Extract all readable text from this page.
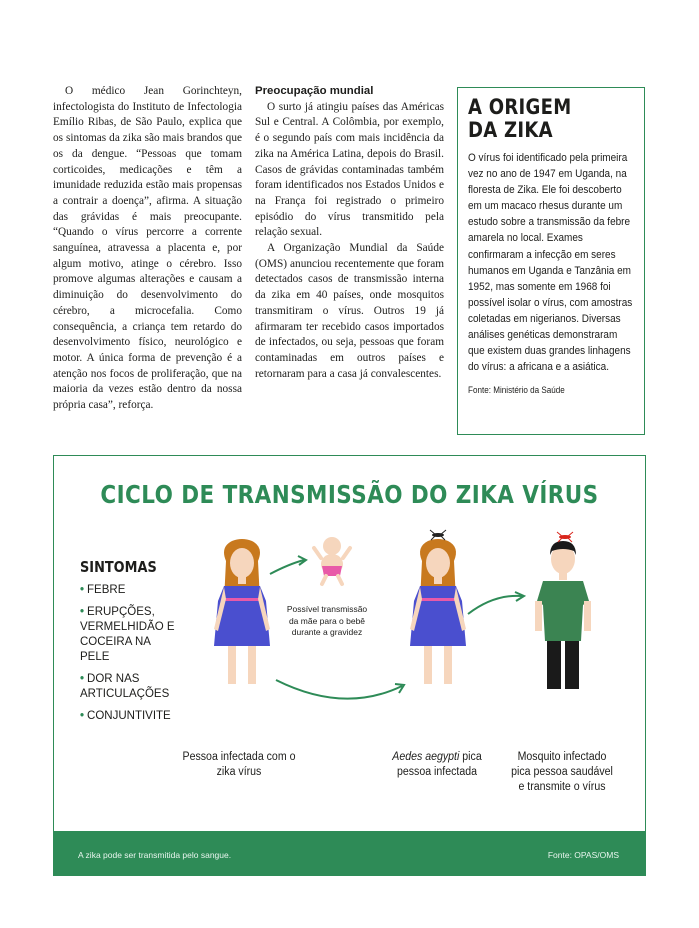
O médico Jean Gorinchteyn, infectologista do Instituto de Infectologia Emílio Ribas, de São Paulo, explica que os sintomas da zika são mais brandos que os da dengue. “Pessoas que tomam corticoides, medicações e têm a imunidade reduzida estão mais propensas a contrair a doença”, afirma. A situação das grávidas é mais preocupante. “Quando o vírus percorre a corrente sanguínea, atravessa a placenta e, por algum motivo, atinge o cérebro. Isso promove algumas alterações e causam a diminuição do desenvolvimento do cérebro, a microcefalia. Como consequência, a criança tem retardo do desenvolvimento físico, neurológico e motor. A única forma de prevenção é a atenção nos focos de proliferação, que na maioria da vezes estão dentro da nossa própria casa”, reforça.

Preocupação mundial

O surto já atingiu países das Américas Sul e Central. A Colômbia, por exemplo, é o segundo país com mais incidência da zika na América Latina, depois do Brasil. Casos de grávidas contaminadas também foram identificados nos Estados Unidos e na França foi registrado o primeiro episódio do vírus transmitido pela relação sexual.

A Organização Mundial da Saúde (OMS) anunciou recentemente que foram detectados casos de transmissão interna da zika em 40 países, onde mosquitos transmitiram o vírus. Outros 19 já afirmaram ter recebido casos importados de infectados, ou seja, pessoas que foram contaminadas em outros países e retornaram para a casa já convalescentes.

A ORIGEM
DA ZIKA

O vírus foi identificado pela primeira vez no ano de 1947 em Uganda, na floresta de Zika. Ele foi descoberto em um macaco rhesus durante um estudo sobre a transmissão da febre amarela no local. Exames confirmaram a infecção em seres humanos em Uganda e Tanzânia em 1952, mas somente em 1968 foi possível isolar o vírus, com amostras coletadas em nigerianos. Diversas análises genéticas demonstraram que existem duas grandes linhagens do vírus: a africana e a asiática.

Fonte: Ministério da Saúde
CICLO DE TRANSMISSÃO DO ZIKA VÍRUS
SINTOMAS
• FEBRE
• ERUPÇÕES, VERMELHIDÃO E COCEIRA NA PELE
• DOR NAS ARTICULAÇÕES
• CONJUNTIVITE
Possível transmissão da mãe para o bebê durante a gravidez
Pessoa infectada com o zika vírus
Aedes aegypti pica pessoa infectada
Mosquito infectado pica pessoa saudável e transmite o vírus
A zika pode ser transmitida pelo sangue.	Fonte: OPAS/OMS
